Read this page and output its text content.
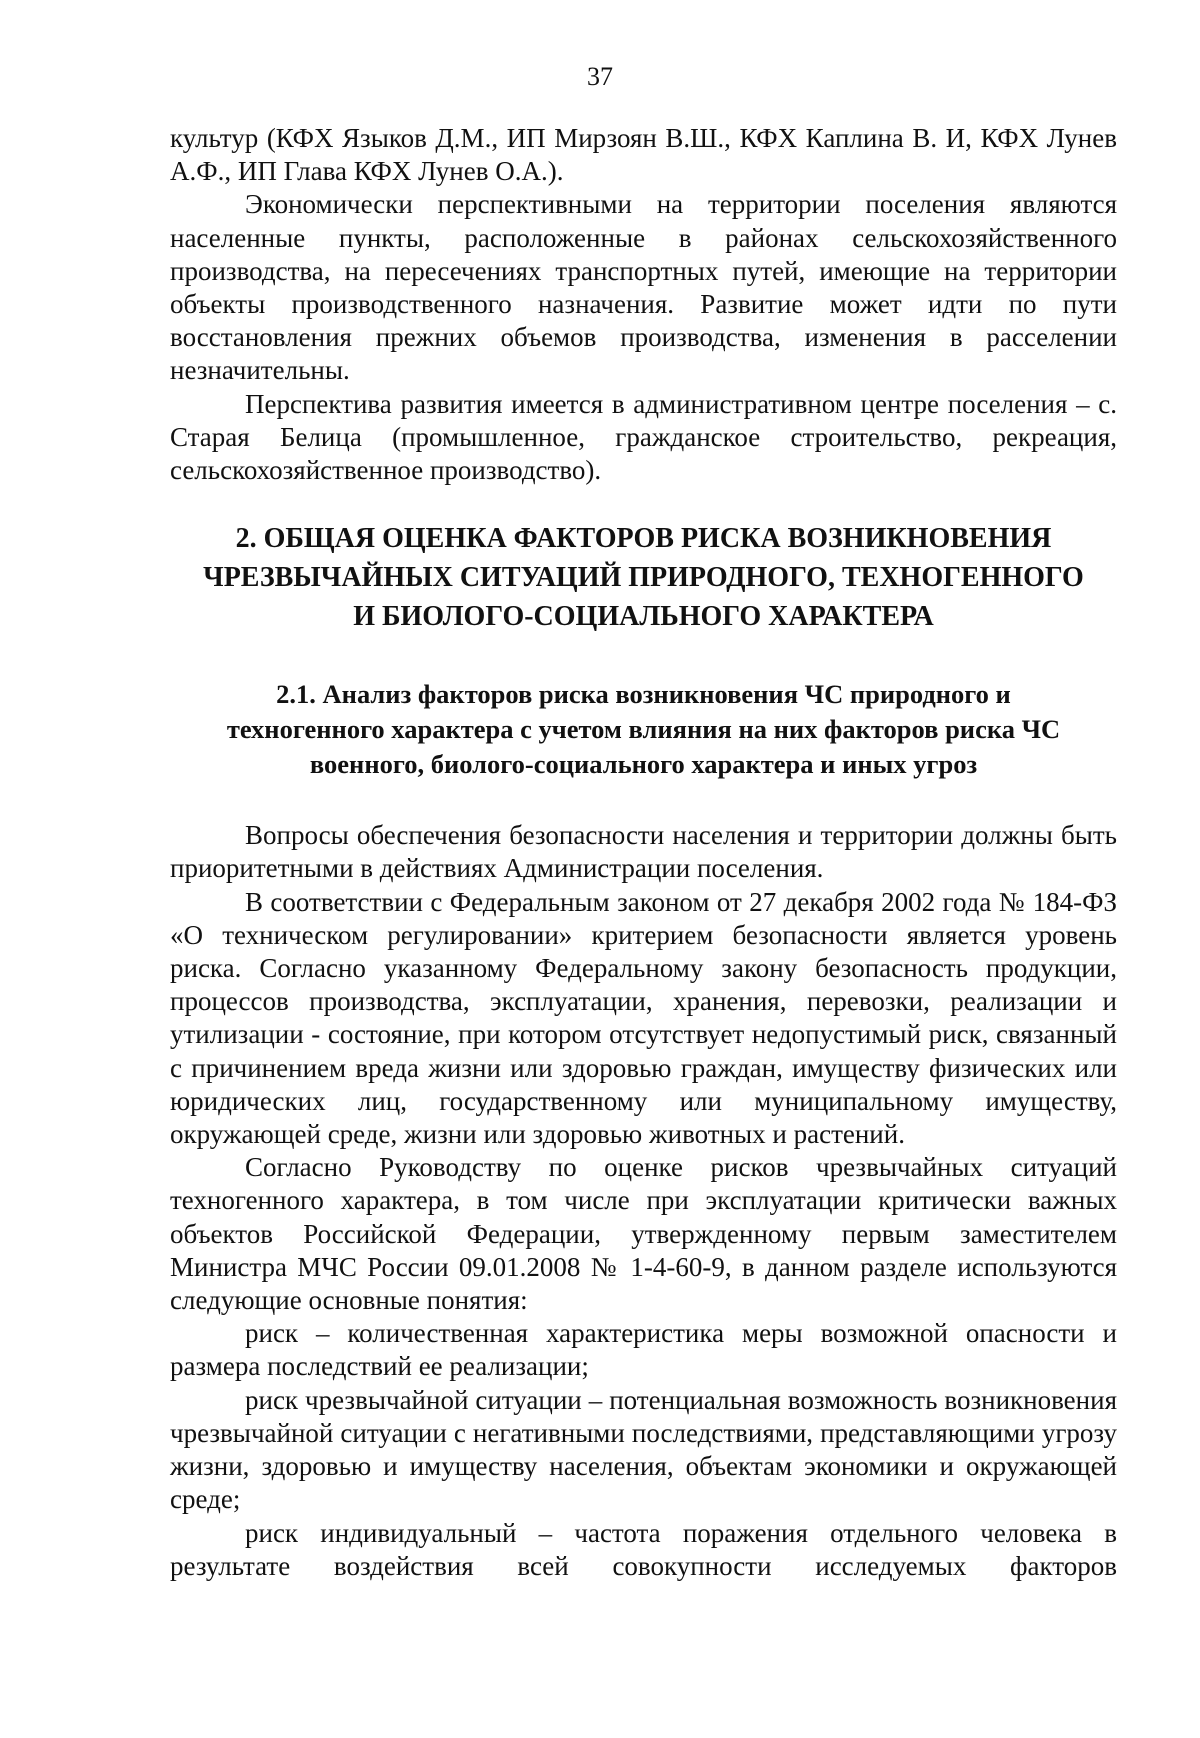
37

культур (КФХ Языков Д.М., ИП Мирзоян В.Ш., КФХ Каплина В. И, КФХ Лунев А.Ф., ИП Глава КФХ Лунев О.А.).

Экономически перспективными на территории поселения являются населенные пункты, расположенные в районах сельскохозяйственного производства, на пересечениях транспортных путей, имеющие на территории объекты производственного назначения. Развитие может идти по пути восстановления прежних объемов производства, изменения в расселении незначительны.

Перспектива развития имеется в административном центре поселения – с. Старая Белица (промышленное, гражданское строительство, рекреация, сельскохозяйственное производство).

2. ОБЩАЯ ОЦЕНКА ФАКТОРОВ РИСКА ВОЗНИКНОВЕНИЯ
ЧРЕЗВЫЧАЙНЫХ СИТУАЦИЙ ПРИРОДНОГО, ТЕХНОГЕННОГО
И БИОЛОГО-СОЦИАЛЬНОГО ХАРАКТЕРА
2.1. Анализ факторов риска возникновения ЧС природного и
техногенного характера с учетом влияния на них факторов риска ЧС
военного, биолого-социального характера и иных угроз

Вопросы обеспечения безопасности населения и территории должны быть приоритетными в действиях Администрации поселения.

В соответствии с Федеральным законом от 27 декабря 2002 года № 184-ФЗ «О техническом регулировании» критерием безопасности является уровень риска. Согласно указанному Федеральному закону безопасность продукции, процессов производства, эксплуатации, хранения, перевозки, реализации и утилизации - состояние, при котором отсутствует недопустимый риск, связанный с причинением вреда жизни или здоровью граждан, имуществу физических или юридических лиц, государственному или муниципальному имуществу, окружающей среде, жизни или здоровью животных и растений.

Согласно Руководству по оценке рисков чрезвычайных ситуаций техногенного характера, в том числе при эксплуатации критически важных объектов Российской Федерации, утвержденному первым заместителем Министра МЧС России 09.01.2008 № 1-4-60-9, в данном разделе используются следующие основные понятия:

риск – количественная характеристика меры возможной опасности и размера последствий ее реализации;

риск чрезвычайной ситуации – потенциальная возможность возникновения чрезвычайной ситуации с негативными последствиями, представляющими угрозу жизни, здоровью и имуществу населения, объектам экономики и окружающей среде;

риск индивидуальный – частота поражения отдельного человека в результате воздействия всей совокупности исследуемых факторов
